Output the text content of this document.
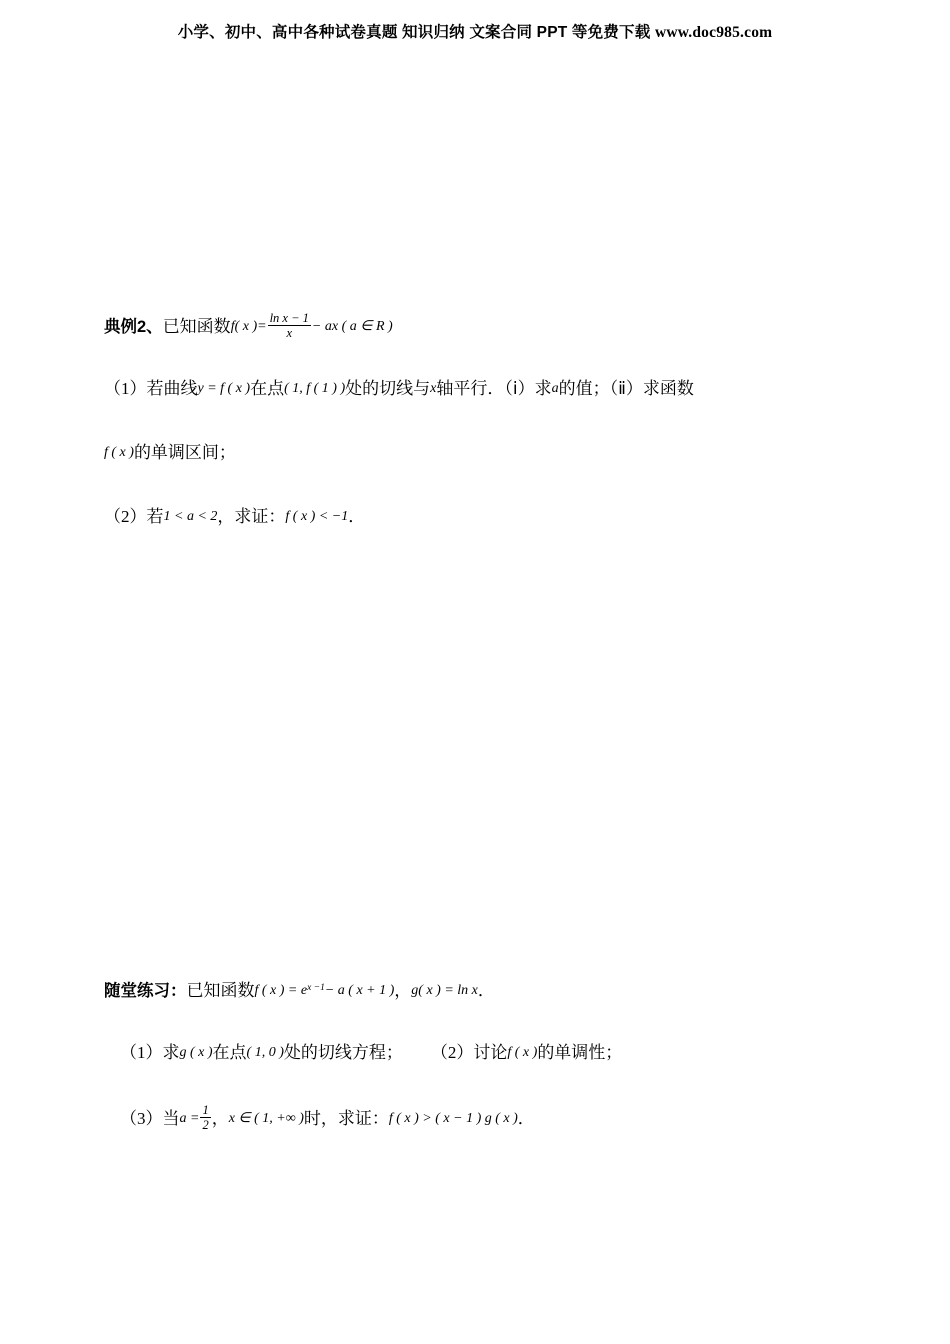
小学、初中、高中各种试卷真题 知识归纳 文案合同 PPT 等免费下载 www.doc985.com
典例2、已知函数f( x )= $\frac{\text{ln x − 1}}{x}$ − ax ( a ∈ R )
（1）若曲线y = f ( x )在点( 1, f ( 1 ) )处的切线与x轴平行．（ⅰ）求a的值；（ⅱ）求函数
f ( x )的单调区间；
（2）若1 < a < 2，求证：f ( x ) < −1．
随堂练习：已知函数f ( x ) = $e^{x -1}- a$ ( x + 1 )，g( x ) = ln x．
（1）求g ( x )在点( 1, 0 )处的切线方程； （2）讨论f ( x )的单调性；
（3）当$a = \frac{1}{2}$ ，x ∈ ( 1, +∞ )时，求证：f ( x ) > ( x − 1 ) g ( x )．
